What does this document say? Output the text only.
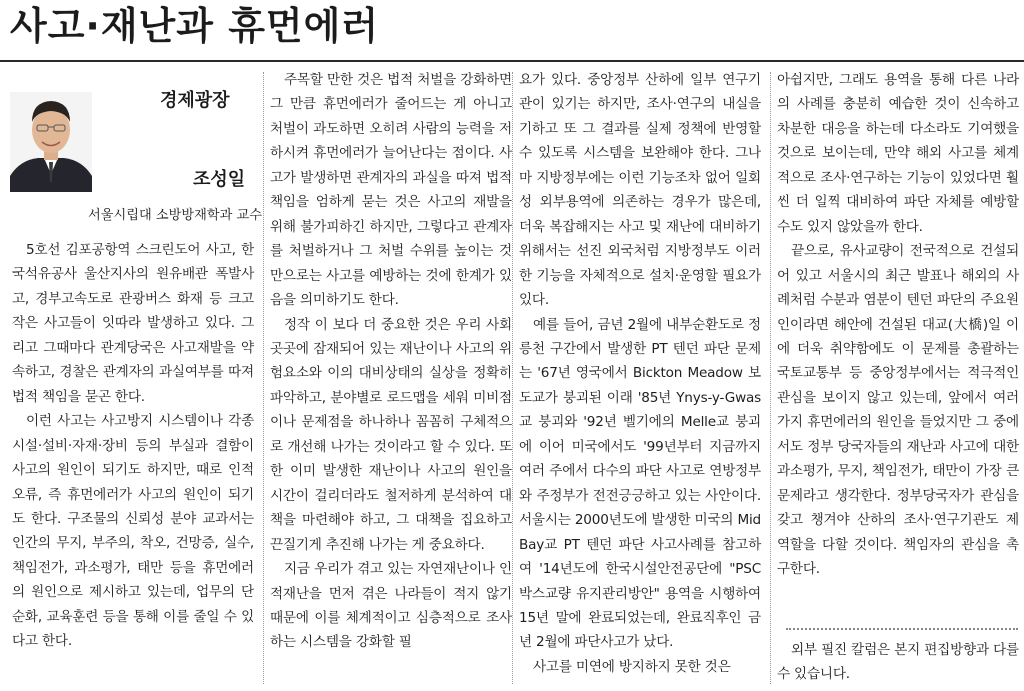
사고·재난과 휴먼에러
경제광장
조성일
서울시립대 소방방재학과 교수

5호선 김포공항역 스크린도어 사고, 한국석유공사 울산지사의 원유배관 폭발사고, 경부고속도로 관광버스 화재 등 크고 작은 사고들이 잇따라 발생하고 있다. 그리고 그때마다 관계당국은 사고재발을 약속하고, 경찰은 관계자의 과실여부를 따져 법적 책임을 묻곤 한다.

이런 사고는 사고방지 시스템이나 각종 시설·설비·자재·장비 등의 부실과 결함이 사고의 원인이 되기도 하지만, 때로 인적 오류, 즉 휴먼에러가 사고의 원인이 되기도 한다. 구조물의 신뢰성 분야 교과서는 인간의 무지, 부주의, 착오, 건망증, 실수, 책임전가, 과소평가, 태만 등을 휴먼에러의 원인으로 제시하고 있는데, 업무의 단순화, 교육훈련 등을 통해 이를 줄일 수 있다고 한다.

주목할 만한 것은 법적 처벌을 강화하면 그 만큼 휴먼에러가 줄어드는 게 아니고 처벌이 과도하면 오히려 사람의 능력을 저하시켜 휴먼에러가 늘어난다는 점이다. 사고가 발생하면 관계자의 과실을 따져 법적 책임을 엄하게 묻는 것은 사고의 재발을 위해 불가피하긴 하지만, 그렇다고 관계자를 처벌하거나 그 처벌 수위를 높이는 것만으로는 사고를 예방하는 것에 한계가 있음을 의미하기도 한다.

정작 이 보다 더 중요한 것은 우리 사회 곳곳에 잠재되어 있는 재난이나 사고의 위험요소와 이의 대비상태의 실상을 정확히 파악하고, 분야별로 로드맵을 세워 미비점이나 문제점을 하나하나 꼼꼼히 구체적으로 개선해 나가는 것이라고 할 수 있다. 또한 이미 발생한 재난이나 사고의 원인을 시간이 걸리더라도 철저하게 분석하여 대책을 마련해야 하고, 그 대책을 집요하고 끈질기게 추진해 나가는 게 중요하다.

지금 우리가 겪고 있는 자연재난이나 인적재난을 먼저 겪은 나라들이 적지 않기 때문에 이를 체계적이고 심층적으로 조사하는 시스템을 강화할 필

요가 있다. 중앙정부 산하에 일부 연구기관이 있기는 하지만, 조사·연구의 내실을 기하고 또 그 결과를 실제 정책에 반영할 수 있도록 시스템을 보완해야 한다. 그나마 지방정부에는 이런 기능조차 없어 일회성 외부용역에 의존하는 경우가 많은데, 더욱 복잡해지는 사고 및 재난에 대비하기 위해서는 선진 외국처럼 지방정부도 이러한 기능을 자체적으로 설치·운영할 필요가 있다.

예를 들어, 금년 2월에 내부순환도로 정릉천 구간에서 발생한 PT 텐던 파단 문제는 '67년 영국에서 Bickton Meadow 보도교가 붕괴된 이래 '85년 Ynys-y-Gwas교 붕괴와 '92년 벨기에의 Melle교 붕괴에 이어 미국에서도 '99년부터 지금까지 여러 주에서 다수의 파단 사고로 연방정부와 주정부가 전전긍긍하고 있는 사안이다. 서울시는 2000년도에 발생한 미국의 Mid Bay교 PT 텐던 파단 사고사례를 참고하여 '14년도에 한국시설안전공단에 "PSC박스교량 유지관리방안" 용역을 시행하여 15년 말에 완료되었는데, 완료직후인 금년 2월에 파단사고가 났다.

사고를 미연에 방지하지 못한 것은

아쉽지만, 그래도 용역을 통해 다른 나라의 사례를 충분히 예습한 것이 신속하고 차분한 대응을 하는데 다소라도 기여했을 것으로 보이는데, 만약 해외 사고를 체계적으로 조사·연구하는 기능이 있었다면 훨씬 더 일찍 대비하여 파단 자체를 예방할 수도 있지 않았을까 한다.

끝으로, 유사교량이 전국적으로 건설되어 있고 서울시의 최근 발표나 해외의 사례처럼 수분과 염분이 텐던 파단의 주요원인이라면 해안에 건설된 대교(大橋)일 이에 더욱 취약함에도 이 문제를 총괄하는 국토교통부 등 중앙정부에서는 적극적인 관심을 보이지 않고 있는데, 앞에서 여러 가지 휴먼에러의 원인을 들었지만 그 중에서도 정부 당국자들의 재난과 사고에 대한 과소평가, 무지, 책임전가, 태만이 가장 큰 문제라고 생각한다. 정부당국자가 관심을 갖고 챙겨야 산하의 조사·연구기관도 제 역할을 다할 것이다. 책임자의 관심을 촉구한다.

외부 필진 칼럼은 본지 편집방향과 다를 수 있습니다.
